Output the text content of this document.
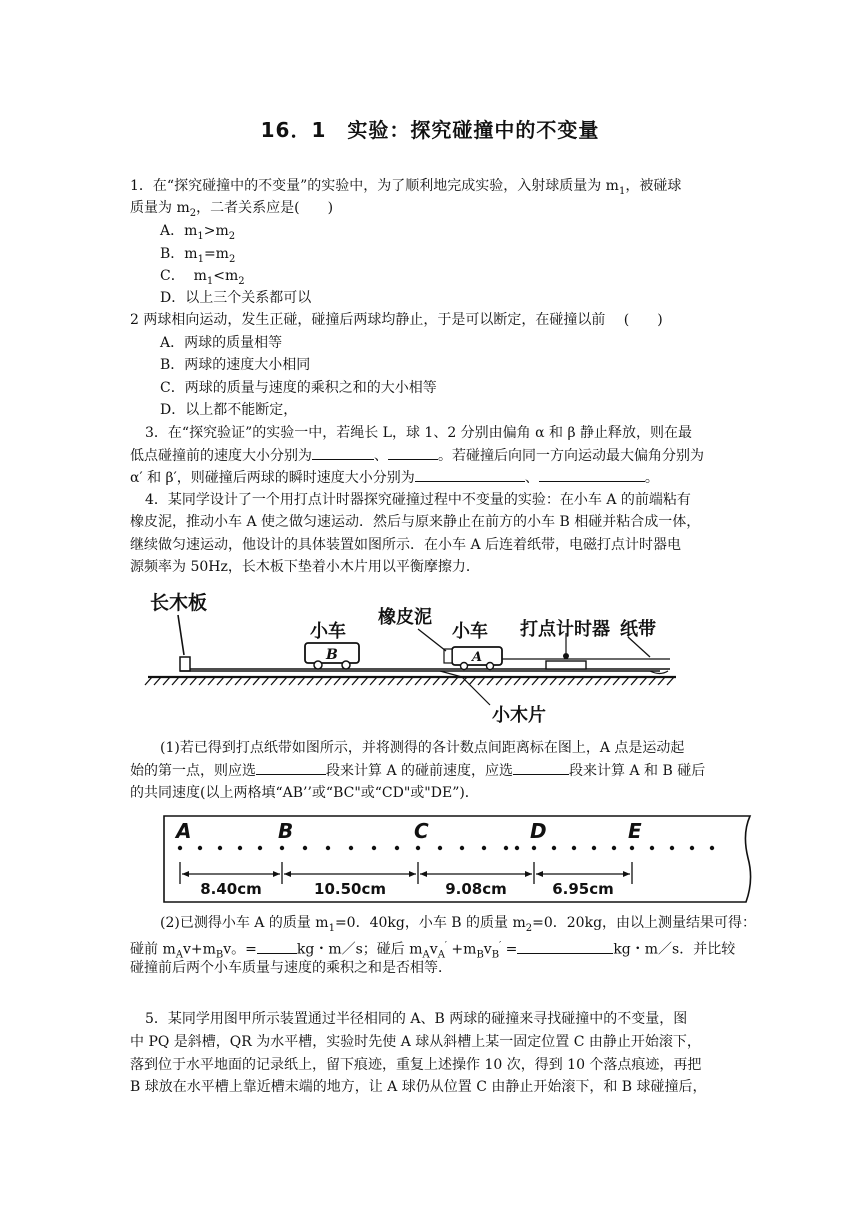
16．1　实验：探究碰撞中的不变量
1．在“探究碰撞中的不变量”的实验中，为了顺利地完成实验，入射球质量为 $m_1$，被碰球
质量为 $m_2$，二者关系应是(　　)
A．$m_1>m_2$
B．$m_1=m_2$
C．  $m_1<m_2$
D．以上三个关系都可以
2 两球相向运动，发生正碰，碰撞后两球均静止，于是可以断定，在碰撞以前　 (　　)
A．两球的质量相等
B．两球的速度大小相同
C．两球的质量与速度的乘积之和的大小相等
D．以上都不能断定，
3．在“探究验证”的实验一中，若绳长 L，球 1、2 分别由偏角 α 和 β 静止释放，则在最
低点碰撞前的速度大小分别为	、	。若碰撞后向同一方向运动最大偏角分别为
α′ 和 β′，则碰撞后两球的瞬时速度大小分别为	、	。
4．某同学设计了一个用打点计时器探究碰撞过程中不变量的实验：在小车 A 的前端粘有
橡皮泥，推动小车 A 使之做匀速运动．然后与原来静止在前方的小车 B 相碰并粘合成一体，
继续做匀速运动，他设计的具体装置如图所示．在小车 A 后连着纸带，电磁打点计时器电
源频率为 50Hz，长木板下垫着小木片用以平衡摩擦力．
长木板
B
小车
A
橡皮泥
小车 打点计时器 纸带
小木片
(1)若已得到打点纸带如图所示，并将测得的各计数点间距离标在图上，A 点是运动起
始的第一点，则应选	段来计算 A 的碰前速度，应选	段来计算 A 和 B 碰后
的共同速度(以上两格填“AB’’或“BC"或“CD"或"DE”)．
A	B	C	D	E
8.40cm	10.50cm	9.08cm	6.95cm
(2)已测得小车 A 的质量 $m_1=0$．40kg，小车 B 的质量 $m_2=0$．20kg，由以上测量结果可得：
碰前 $m_Av+m_Bv$。=	kg・m／s；碰后 $m_Av_A' +m_Bv_B'$ =	kg・m／s．并比较
碰撞前后两个小车质量与速度的乘积之和是否相等．
5．某同学用图甲所示装置通过半径相同的 A、B 两球的碰撞来寻找碰撞中的不变量，图
中 PQ 是斜槽，QR 为水平槽，实验时先使 A 球从斜槽上某一固定位置 C 由静止开始滚下，
落到位于水平地面的记录纸上，留下痕迹，重复上述操作 10 次，得到 10 个落点痕迹，再把
B 球放在水平槽上靠近槽末端的地方，让 A 球仍从位置 C 由静止开始滚下，和 B 球碰撞后，
